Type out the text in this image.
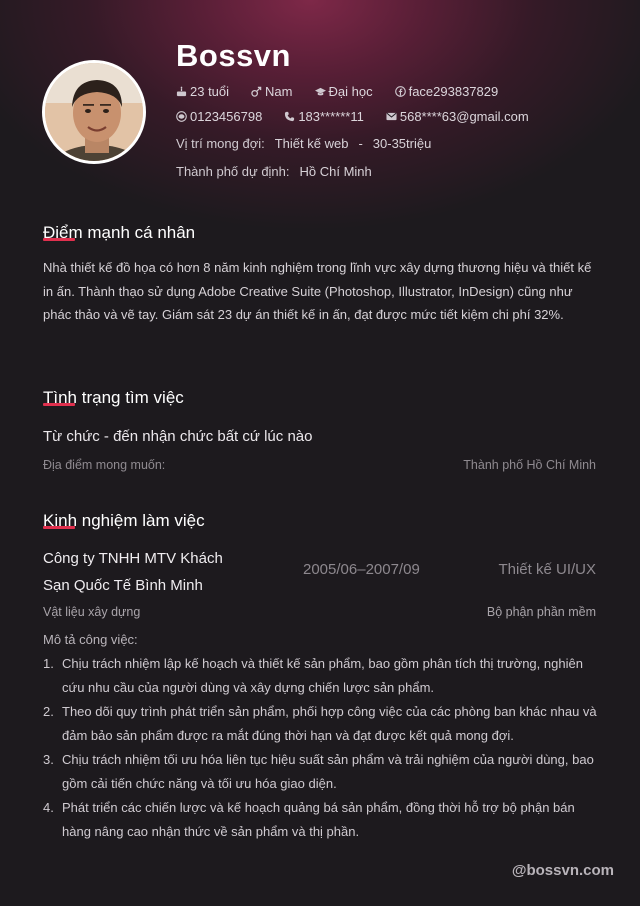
Bossvn
23 tuổi	Nam	Đại học	face293837829
0123456798	183******11	568****63@gmail.com
Vị trí mong đợi: Thiết kế web - 30-35triệu
Thành phố dự định: Hồ Chí Minh
Điểm mạnh cá nhân
Nhà thiết kế đồ họa có hơn 8 năm kinh nghiệm trong lĩnh vực xây dựng thương hiệu và thiết kế in ấn. Thành thạo sử dụng Adobe Creative Suite (Photoshop, Illustrator, InDesign) cũng như phác thảo và vẽ tay. Giám sát 23 dự án thiết kế in ấn, đạt được mức tiết kiệm chi phí 32%.
Tình trạng tìm việc
Từ chức - đến nhận chức bất cứ lúc nào
Địa điểm mong muốn:	Thành phố Hồ Chí Minh
Kinh nghiệm làm việc
Công ty TNHH MTV Khách
Sạn Quốc Tế Bình Minh
2005/06–2007/09	Thiết kế UI/UX
Vật liệu xây dựng	Bộ phận phần mềm
Mô tả công việc:
Chịu trách nhiệm lập kế hoạch và thiết kế sản phẩm, bao gồm phân tích thị trường, nghiên cứu nhu cầu của người dùng và xây dựng chiến lược sản phẩm.
Theo dõi quy trình phát triển sản phẩm, phối hợp công việc của các phòng ban khác nhau và đảm bảo sản phẩm được ra mắt đúng thời hạn và đạt được kết quả mong đợi.
Chịu trách nhiệm tối ưu hóa liên tục hiệu suất sản phẩm và trải nghiệm của người dùng, bao gồm cải tiến chức năng và tối ưu hóa giao diện.
Phát triển các chiến lược và kế hoạch quảng bá sản phẩm, đồng thời hỗ trợ bộ phận bán hàng nâng cao nhận thức về sản phẩm và thị phần.
@bossvn.com
